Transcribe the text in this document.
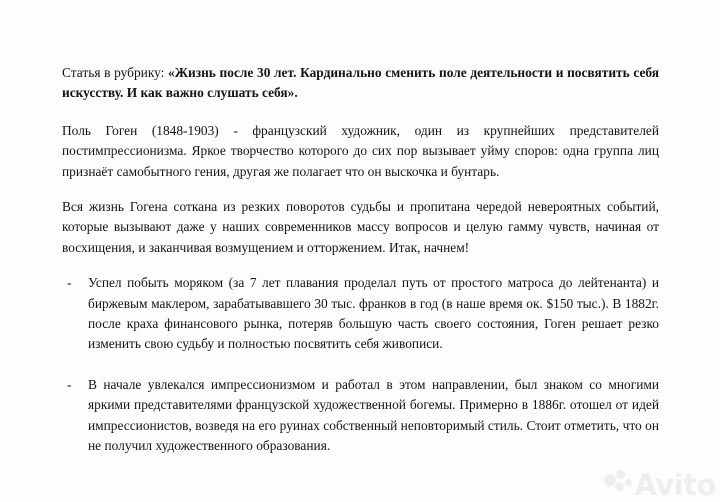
Статья в рубрику: «Жизнь после 30 лет. Кардинально сменить поле деятельности и посвятить себя искусству. И как важно слушать себя».

Поль Гоген (1848-1903) - французский художник, один из крупнейших представителей постимпрессионизма. Яркое творчество которого до сих пор вызывает уйму споров: одна группа лиц признаёт самобытного гения, другая же полагает что он выскочка и бунтарь.

Вся жизнь Гогена соткана из резких поворотов судьбы и пропитана чередой невероятных событий, которые вызывают даже у наших современников массу вопросов и целую гамму чувств, начиная от восхищения, и заканчивая возмущением и отторжением. Итак, начнем!

- Успел побыть моряком (за 7 лет плавания проделал путь от простого матроса до лейтенанта) и биржевым маклером, зарабатывавшего 30 тыс. франков в год (в наше время ок. $150 тыс.). В 1882г. после краха финансового рынка, потеряв большую часть своего состояния, Гоген решает резко изменить свою судьбу и полностью посвятить себя живописи.
- В начале увлекался импрессионизмом и работал в этом направлении, был знаком со многими яркими представителями французской художественной богемы. Примерно в 1886г. отошел от идей импрессионистов, возведя на его руинах собственный неповторимый стиль. Стоит отметить, что он не получил художественного образования.
Avito
